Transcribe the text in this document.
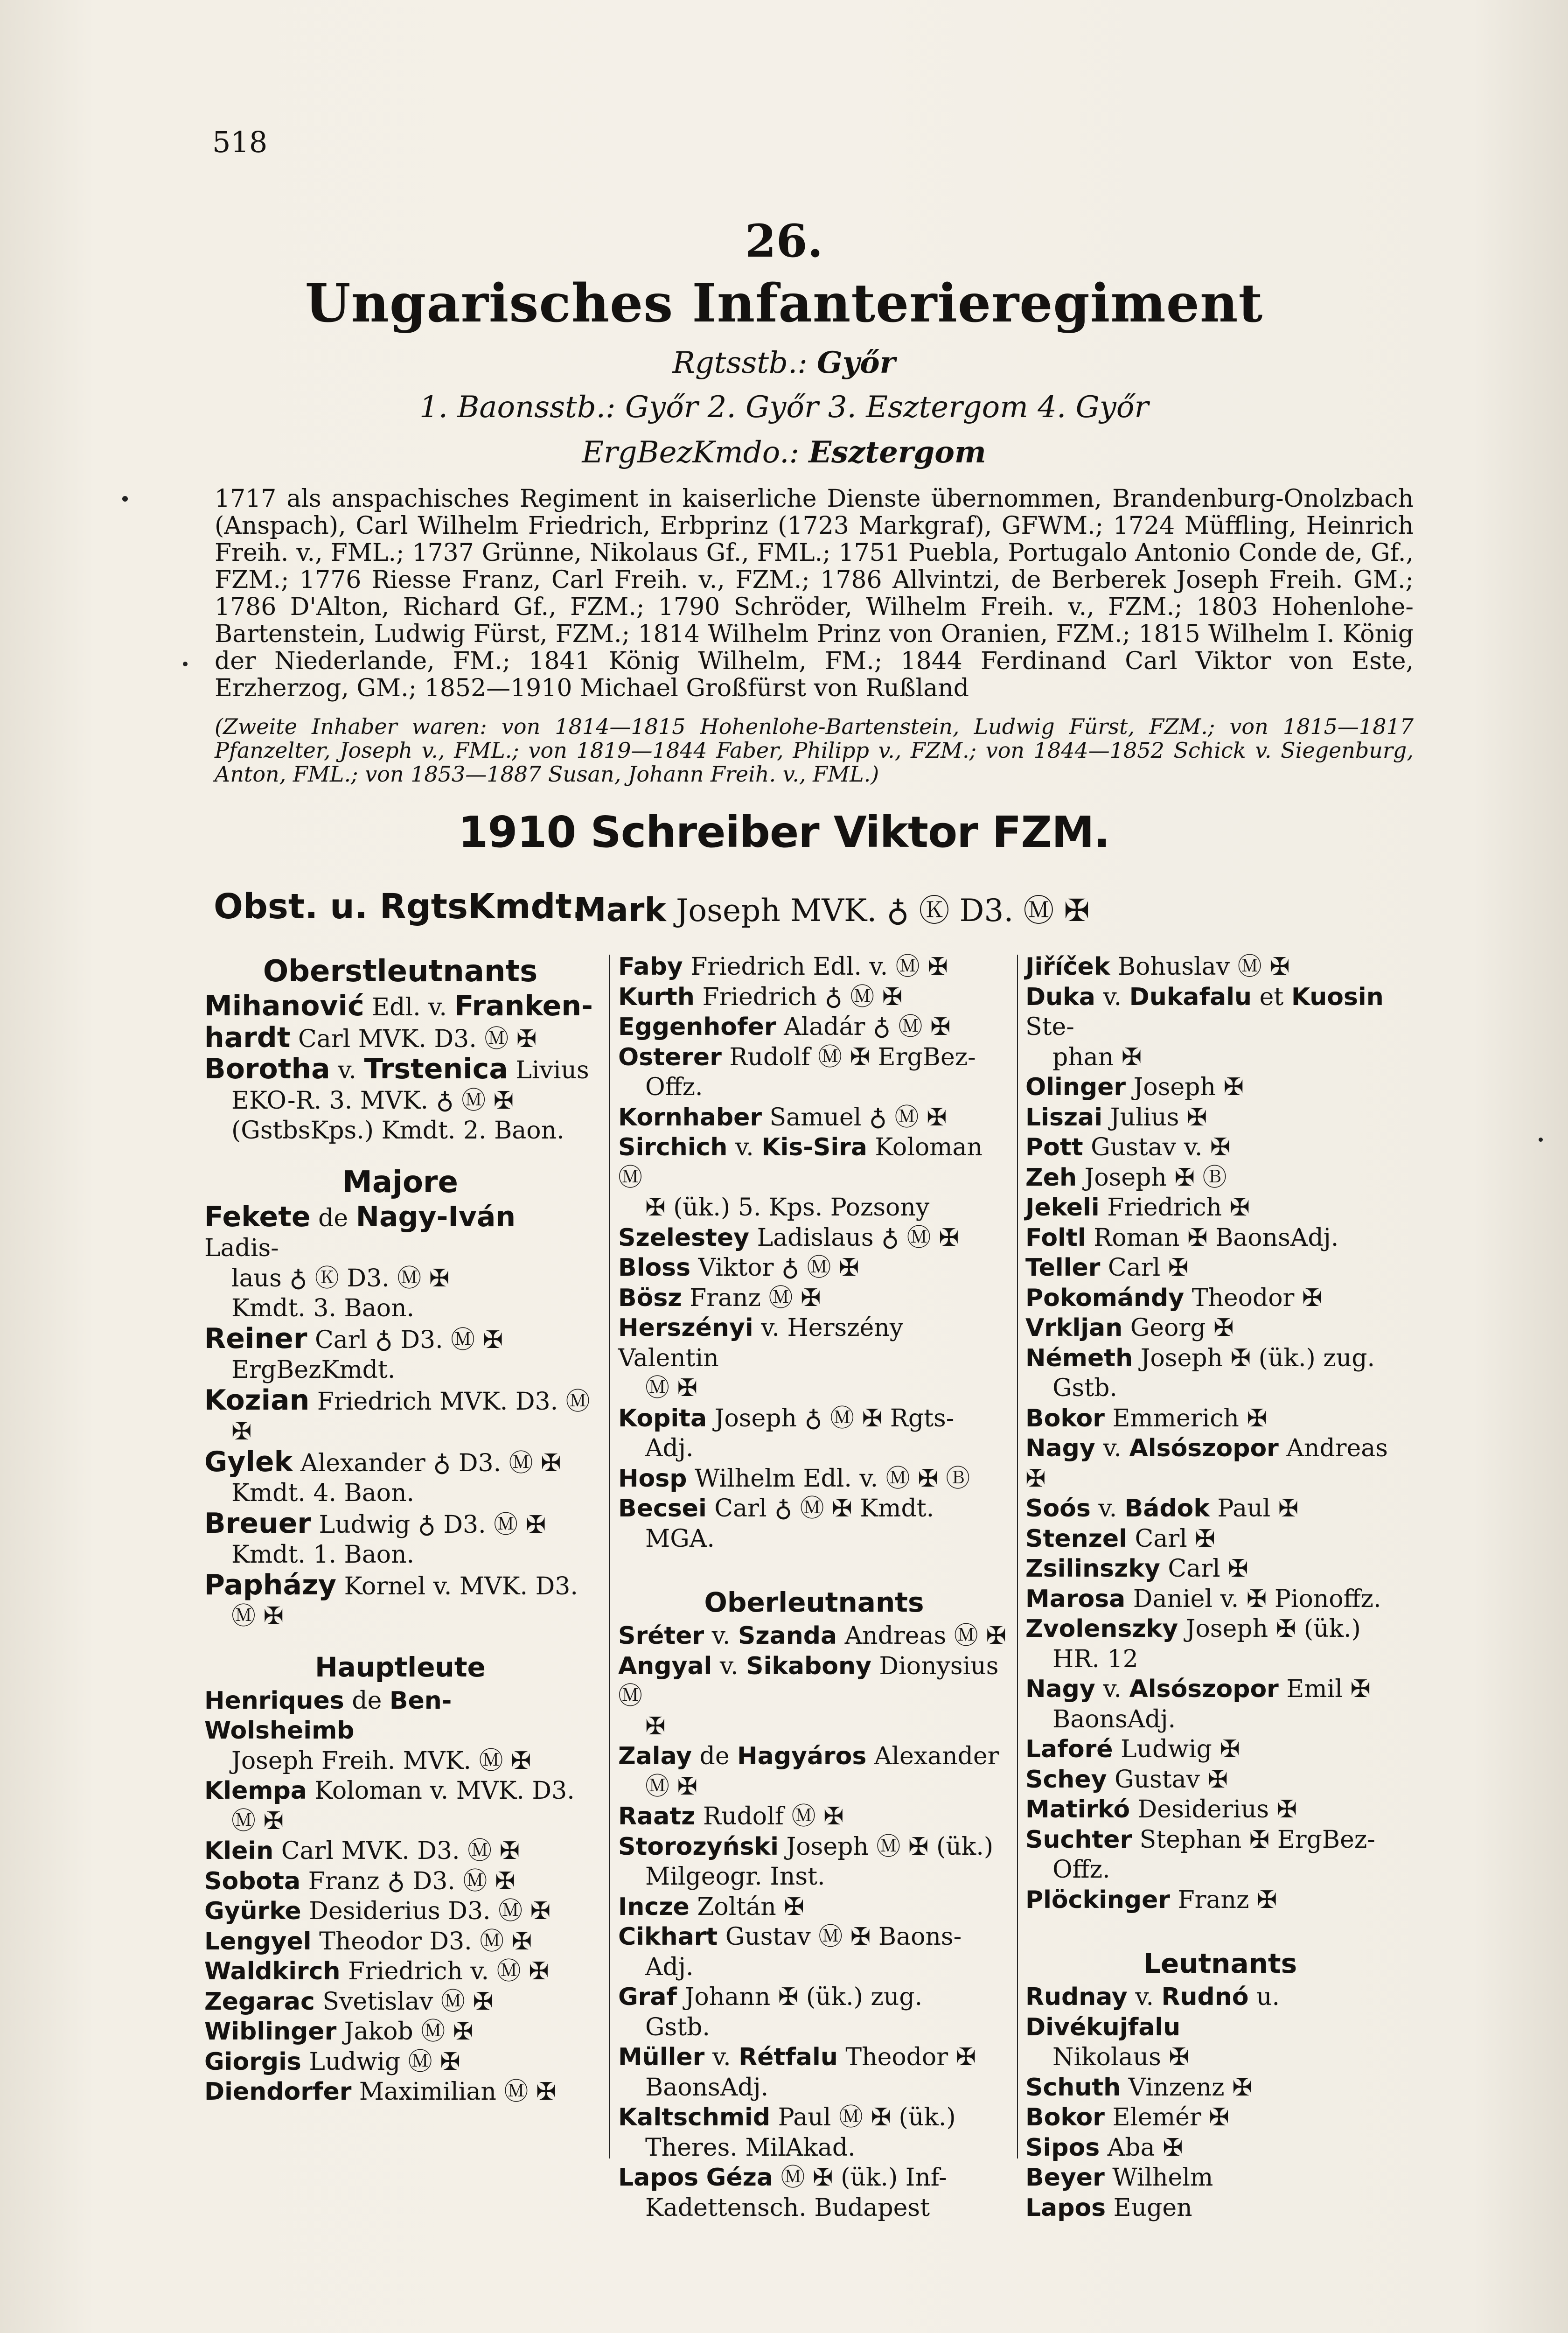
518
26.
Ungarisches Infanterieregiment
Rgtsstb.: Győr
1. Baonsstb.: Győr 2. Győr 3. Esztergom 4. Győr
ErgBezKmdo.: Esztergom

1717 als anspachisches Regiment in kaiserliche Dienste übernommen, Brandenburg-Onolzbach (Anspach), Carl Wilhelm Friedrich, Erbprinz (1723 Markgraf), GFWM.; 1724 Müffling, Heinrich Freih. v., FML.; 1737 Grünne, Nikolaus Gf., FML.; 1751 Puebla, Portugalo Antonio Conde de, Gf., FZM.; 1776 Riesse Franz, Carl Freih. v., FZM.; 1786 Allvintzi, de Berberek Joseph Freih. GM.; 1786 D'Alton, Richard Gf., FZM.; 1790 Schröder, Wilhelm Freih. v., FZM.; 1803 Hohenlohe-Bartenstein, Ludwig Fürst, FZM.; 1814 Wilhelm Prinz von Oranien, FZM.; 1815 Wilhelm I. König der Niederlande, FM.; 1841 König Wilhelm, FM.; 1844 Ferdinand Carl Viktor von Este, Erzherzog, GM.; 1852—1910 Michael Großfürst von Rußland

(Zweite Inhaber waren: von 1814—1815 Hohenlohe-Bartenstein, Ludwig Fürst, FZM.; von 1815—1817 Pfanzelter, Joseph v., FML.; von 1819—1844 Faber, Philipp v., FZM.; von 1844—1852 Schick v. Siegenburg, Anton, FML.; von 1853—1887 Susan, Johann Freih. v., FML.)

1910 Schreiber Viktor FZM.
Obst. u. RgtsKmdt.
Mark Joseph MVK. ♁ Ⓚ D3. Ⓜ ✠
Oberstleutnants

Mihanović Edl. v. Franken-

hardt Carl MVK. D3. Ⓜ ✠

Borotha v. Trstenica Livius

EKO-R. 3. MVK. ♁ Ⓜ ✠

(GstbsKps.) Kmdt. 2. Baon.

Majore

Fekete de Nagy-Iván Ladis-

laus ♁ Ⓚ D3. Ⓜ ✠

Kmdt. 3. Baon.

Reiner Carl ♁ D3. Ⓜ ✠

ErgBezKmdt.

Kozian Friedrich MVK. D3. Ⓜ

✠

Gylek Alexander ♁ D3. Ⓜ ✠

Kmdt. 4. Baon.

Breuer Ludwig ♁ D3. Ⓜ ✠

Kmdt. 1. Baon.

Papházy Kornel v. MVK. D3.

Ⓜ ✠

Hauptleute

Henriques de Ben-Wolsheimb

Joseph Freih. MVK. Ⓜ ✠

Klempa Koloman v. MVK. D3.

Ⓜ ✠

Klein Carl MVK. D3. Ⓜ ✠

Sobota Franz ♁ D3. Ⓜ ✠

Gyürke Desiderius D3. Ⓜ ✠

Lengyel Theodor D3. Ⓜ ✠

Waldkirch Friedrich v. Ⓜ ✠

Zegarac Svetislav Ⓜ ✠

Wiblinger Jakob Ⓜ ✠

Giorgis Ludwig Ⓜ ✠

Diendorfer Maximilian Ⓜ ✠

Faby Friedrich Edl. v. Ⓜ ✠

Kurth Friedrich ♁ Ⓜ ✠

Eggenhofer Aladár ♁ Ⓜ ✠

Osterer Rudolf Ⓜ ✠ ErgBez-

Offz.

Kornhaber Samuel ♁ Ⓜ ✠

Sirchich v. Kis-Sira Koloman Ⓜ

✠ (ük.) 5. Kps. Pozsony

Szelestey Ladislaus ♁ Ⓜ ✠

Bloss Viktor ♁ Ⓜ ✠

Bösz Franz Ⓜ ✠

Herszényi v. Herszény Valentin

Ⓜ ✠

Kopita Joseph ♁ Ⓜ ✠ Rgts-

Adj.

Hosp Wilhelm Edl. v. Ⓜ ✠ Ⓑ

Becsei Carl ♁ Ⓜ ✠ Kmdt.

MGA.

Oberleutnants

Sréter v. Szanda Andreas Ⓜ ✠

Angyal v. Sikabony Dionysius Ⓜ

✠

Zalay de Hagyáros Alexander

Ⓜ ✠

Raatz Rudolf Ⓜ ✠

Storozyński Joseph Ⓜ ✠ (ük.)

Milgeogr. Inst.

Incze Zoltán ✠

Cikhart Gustav Ⓜ ✠ Baons-

Adj.

Graf Johann ✠ (ük.) zug.

Gstb.

Müller v. Rétfalu Theodor ✠

BaonsAdj.

Kaltschmid Paul Ⓜ ✠ (ük.)

Theres. MilAkad.

Lapos Géza Ⓜ ✠ (ük.) Inf-

Kadettensch. Budapest

Jiříček Bohuslav Ⓜ ✠

Duka v. Dukafalu et Kuosin Ste-

phan ✠

Olinger Joseph ✠

Liszai Julius ✠

Pott Gustav v. ✠

Zeh Joseph ✠ Ⓑ

Jekeli Friedrich ✠

Foltl Roman ✠ BaonsAdj.

Teller Carl ✠

Pokomándy Theodor ✠

Vrkljan Georg ✠

Németh Joseph ✠ (ük.) zug.

Gstb.

Bokor Emmerich ✠

Nagy v. Alsószopor Andreas ✠

Soós v. Bádok Paul ✠

Stenzel Carl ✠

Zsilinszky Carl ✠

Marosa Daniel v. ✠ Pionoffz.

Zvolenszky Joseph ✠ (ük.)

HR. 12

Nagy v. Alsószopor Emil ✠

BaonsAdj.

Laforé Ludwig ✠

Schey Gustav ✠

Matirkó Desiderius ✠

Suchter Stephan ✠ ErgBez-

Offz.

Plöckinger Franz ✠

Leutnants

Rudnay v. Rudnó u. Divékujfalu

Nikolaus ✠

Schuth Vinzenz ✠

Bokor Elemér ✠

Sipos Aba ✠

Beyer Wilhelm

Lapos Eugen
